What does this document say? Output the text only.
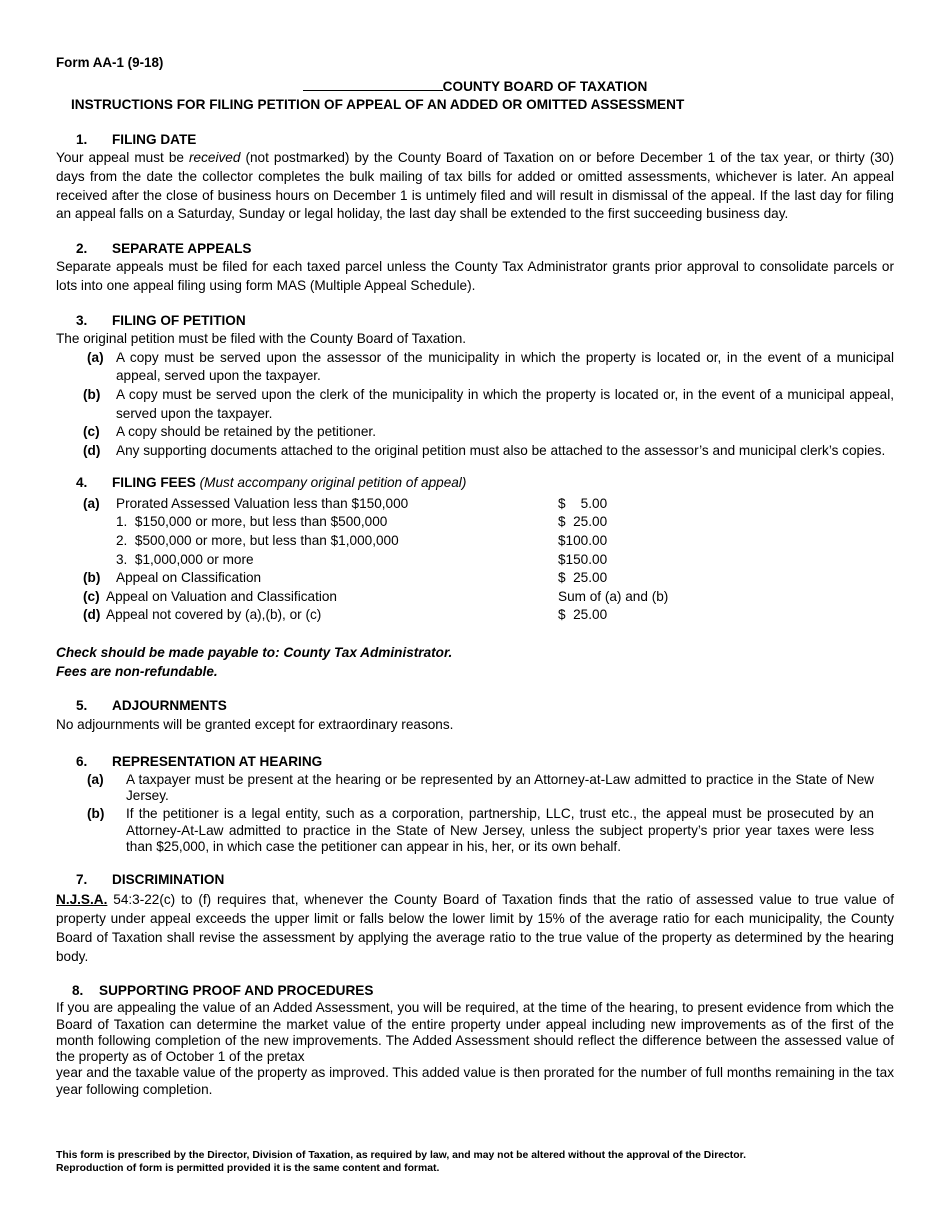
Form AA-1 (9-18)
COUNTY BOARD OF TAXATION
INSTRUCTIONS FOR FILING PETITION OF APPEAL OF AN ADDED OR OMITTED ASSESSMENT
1. FILING DATE
Your appeal must be received (not postmarked) by the County Board of Taxation on or before December 1 of the tax year, or thirty (30) days from the date the collector completes the bulk mailing of tax bills for added or omitted assessments, whichever is later. An appeal received after the close of business hours on December 1 is untimely filed and will result in dismissal of the appeal. If the last day for filing an appeal falls on a Saturday, Sunday or legal holiday, the last day shall be extended to the first succeeding business day.
2. SEPARATE APPEALS
Separate appeals must be filed for each taxed parcel unless the County Tax Administrator grants prior approval to consolidate parcels or lots into one appeal filing using form MAS (Multiple Appeal Schedule).
3. FILING OF PETITION
The original petition must be filed with the County Board of Taxation.
(a) A copy must be served upon the assessor of the municipality in which the property is located or, in the event of a municipal appeal, served upon the taxpayer.
(b) A copy must be served upon the clerk of the municipality in which the property is located or, in the event of a municipal appeal, served upon the taxpayer.
(c) A copy should be retained by the petitioner.
(d) Any supporting documents attached to the original petition must also be attached to the assessor’s and municipal clerk’s copies.
4. FILING FEES (Must accompany original petition of appeal)
(a) Prorated Assessed Valuation less than $150,000	$    5.00
1.  $150,000 or more, but less than $500,000	$  25.00
2.  $500,000 or more, but less than $1,000,000	$100.00
3.  $1,000,000 or more	$150.00
(b) Appeal on Classification	$  25.00
(c) Appeal on Valuation and Classification	Sum of (a) and (b)
(d) Appeal not covered by (a),(b), or (c)	$  25.00
Check should be made payable to: County Tax Administrator.
Fees are non-refundable.
5. ADJOURNMENTS
No adjournments will be granted except for extraordinary reasons.
6. REPRESENTATION AT HEARING
(a) A taxpayer must be present at the hearing or be represented by an Attorney-at-Law admitted to practice in the State of New Jersey.
(b) If the petitioner is a legal entity, such as a corporation, partnership, LLC, trust etc., the appeal must be prosecuted by an Attorney-At-Law admitted to practice in the State of New Jersey, unless the subject property’s prior year taxes were less than $25,000, in which case the petitioner can appear in his, her, or its own behalf.
7. DISCRIMINATION
N.J.S.A. 54:3-22(c) to (f) requires that, whenever the County Board of Taxation finds that the ratio of assessed value to true value of property under appeal exceeds the upper limit or falls below the lower limit by 15% of the average ratio for each municipality, the County Board of Taxation shall revise the assessment by applying the average ratio to the true value of the property as determined by the hearing body.
8. SUPPORTING PROOF AND PROCEDURES
If you are appealing the value of an Added Assessment, you will be required, at the time of the hearing, to present evidence from which the Board of Taxation can determine the market value of the entire property under appeal including new improvements as of the first of the month following completion of the new improvements. The Added Assessment should reflect the difference between the assessed value of the property as of October 1 of the pretax
year and the taxable value of the property as improved. This added value is then prorated for the number of full months remaining in the tax year following completion.
This form is prescribed by the Director, Division of Taxation, as required by law, and may not be altered without the approval of the Director.
Reproduction of form is permitted provided it is the same content and format.
